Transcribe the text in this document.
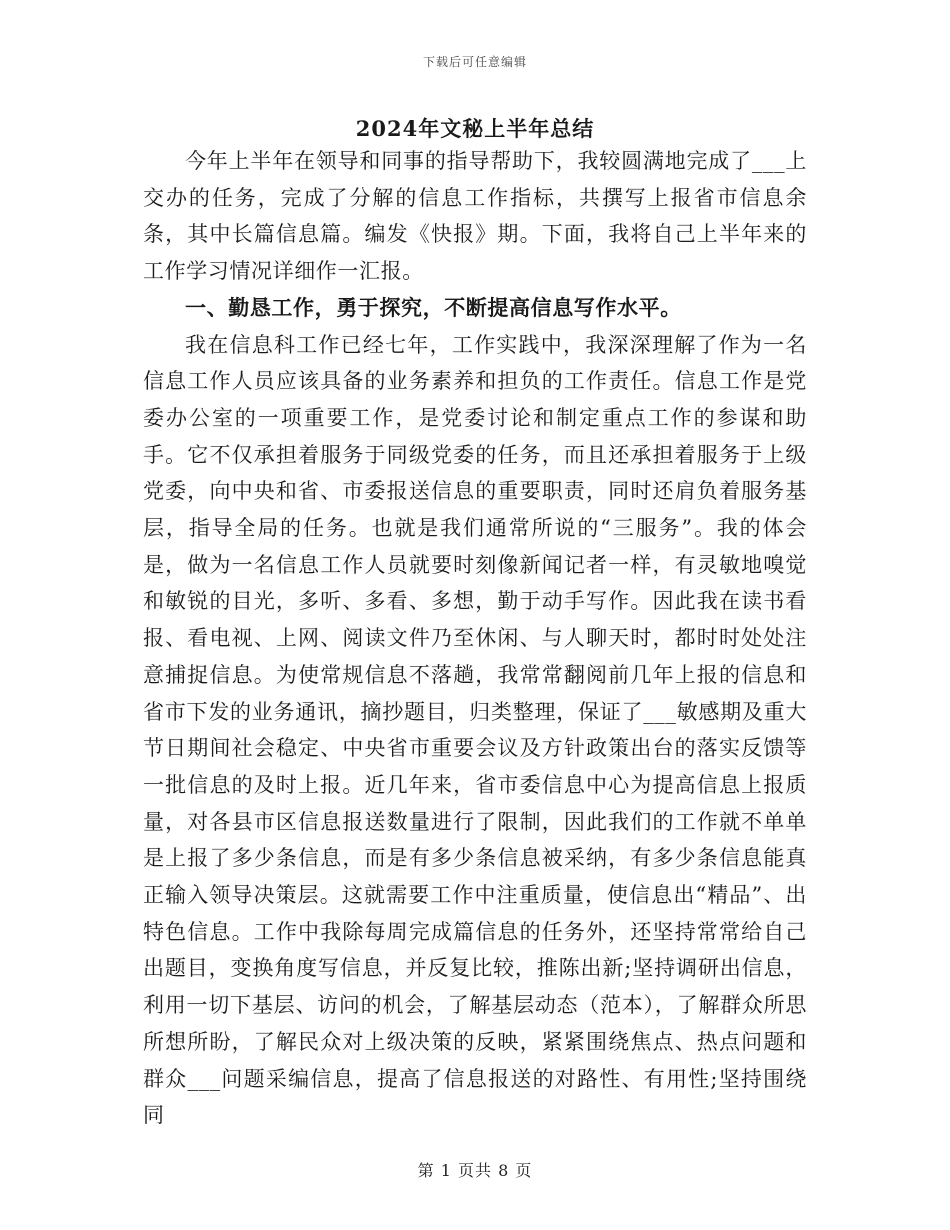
下载后可任意编辑
2024年文秘上半年总结

今年上半年在领导和同事的指导帮助下，我较圆满地完成了___上交办的任务，完成了分解的信息工作指标，共撰写上报省市信息余条，其中长篇信息篇。编发《快报》期。下面，我将自己上半年来的工作学习情况详细作一汇报。

一、勤恳工作，勇于探究，不断提高信息写作水平。

我在信息科工作已经七年，工作实践中，我深深理解了作为一名信息工作人员应该具备的业务素养和担负的工作责任。信息工作是党委办公室的一项重要工作，是党委讨论和制定重点工作的参谋和助手。它不仅承担着服务于同级党委的任务，而且还承担着服务于上级党委，向中央和省、市委报送信息的重要职责，同时还肩负着服务基层，指导全局的任务。也就是我们通常所说的“三服务”。我的体会是，做为一名信息工作人员就要时刻像新闻记者一样，有灵敏地嗅觉和敏锐的目光，多听、多看、多想，勤于动手写作。因此我在读书看报、看电视、上网、阅读文件乃至休闲、与人聊天时，都时时处处注意捕捉信息。为使常规信息不落趟，我常常翻阅前几年上报的信息和省市下发的业务通讯，摘抄题目，归类整理，保证了___敏感期及重大节日期间社会稳定、中央省市重要会议及方针政策出台的落实反馈等一批信息的及时上报。近几年来，省市委信息中心为提高信息上报质量，对各县市区信息报送数量进行了限制，因此我们的工作就不单单是上报了多少条信息，而是有多少条信息被采纳，有多少条信息能真正输入领导决策层。这就需要工作中注重质量，使信息出“精品”、出特色信息。工作中我除每周完成篇信息的任务外，还坚持常常给自己出题目，变换角度写信息，并反复比较，推陈出新;坚持调研出信息，利用一切下基层、访问的机会，了解基层动态（范本），了解群众所思所想所盼，了解民众对上级决策的反映，紧紧围绕焦点、热点问题和群众___问题采编信息，提高了信息报送的对路性、有用性;坚持围绕同

第 1 页共 8 页
